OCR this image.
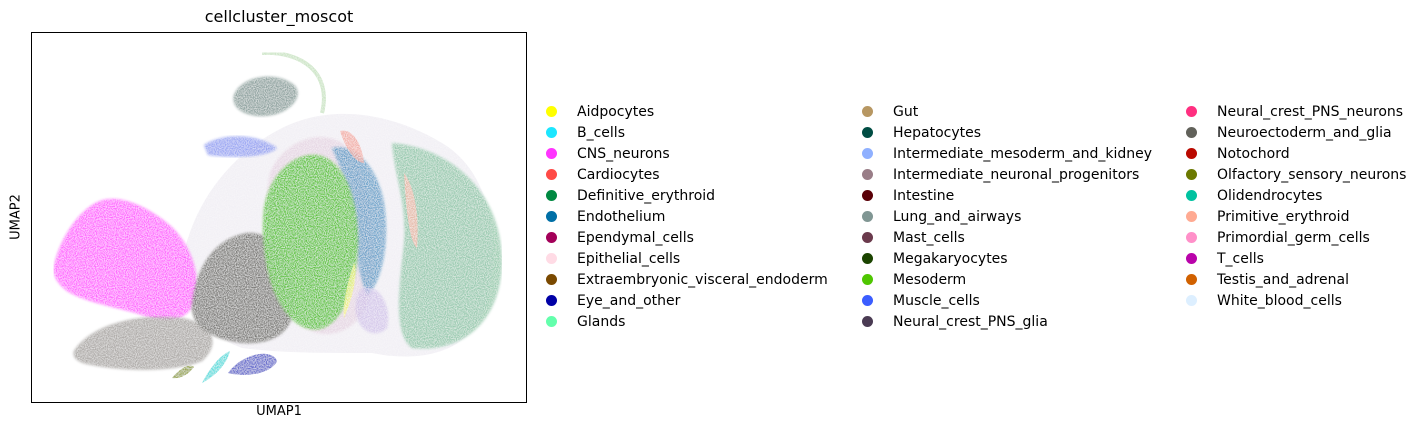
cellcluster_moscot
UMAP1
UMAP2
Aidpocytes
B_cells
CNS_neurons
Cardiocytes
Definitive_erythroid
Endothelium
Ependymal_cells
Epithelial_cells
Extraembryonic_visceral_endoderm
Eye_and_other
Glands
Gut
Hepatocytes
Intermediate_mesoderm_and_kidney
Intermediate_neuronal_progenitors
Intestine
Lung_and_airways
Mast_cells
Megakaryocytes
Mesoderm
Muscle_cells
Neural_crest_PNS_glia
Neural_crest_PNS_neurons
Neuroectoderm_and_glia
Notochord
Olfactory_sensory_neurons
Olidendrocytes
Primitive_erythroid
Primordial_germ_cells
T_cells
Testis_and_adrenal
White_blood_cells
